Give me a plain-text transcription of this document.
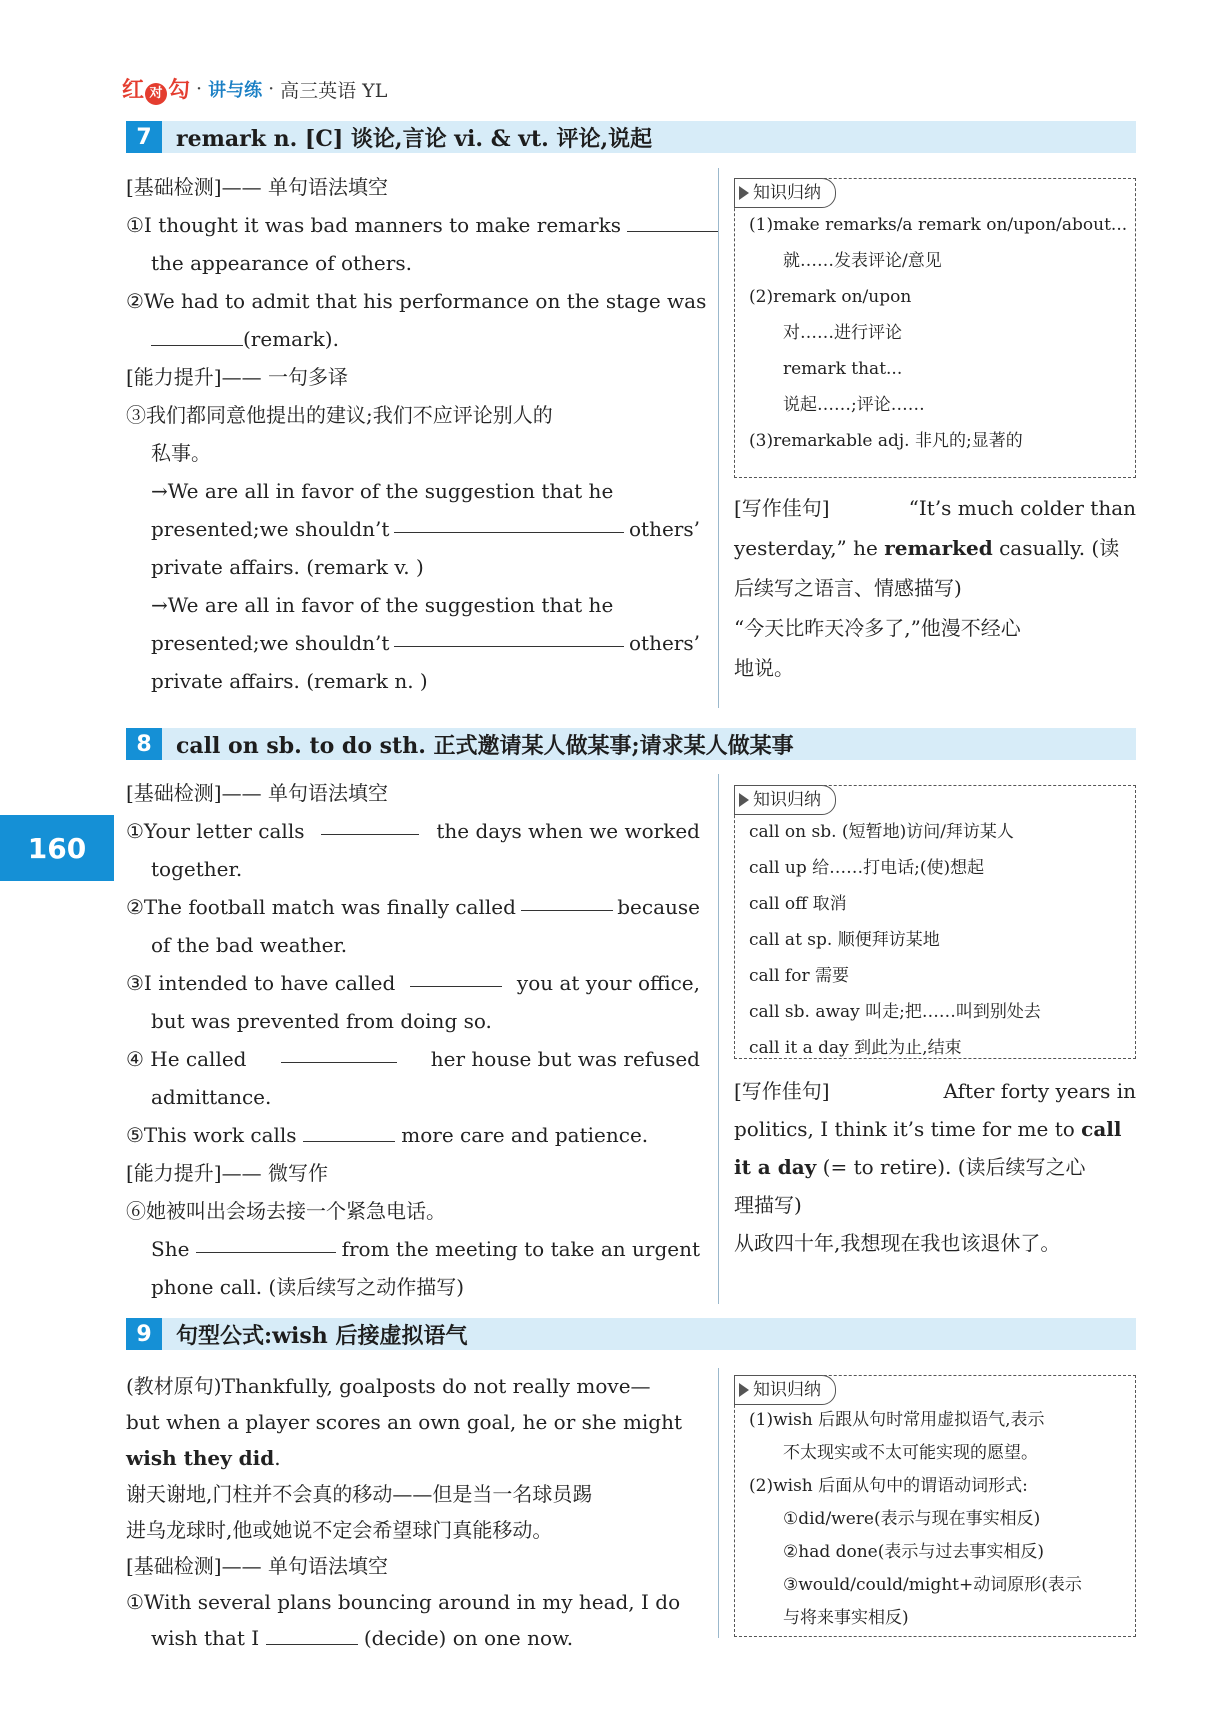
红 对 勾 · 讲与练 · 高三英语 YL
160
7	remark n. [C] 谈论,言论 vi. & vt. 评论,说起

[基础检测]—— 单句语法填空

①I thought it was bad manners to make remarks

the appearance of others.

②We had to admit that his performance on the stage was

(remark).

[能力提升]—— 一句多译

③我们都同意他提出的建议;我们不应评论别人的

私事。

→We are all in favor of the suggestion that he

presented;we shouldn’t	others’

private affairs. (remark v. )

→We are all in favor of the suggestion that he

presented;we shouldn’t	others’

private affairs. (remark n. )

知识归纳

(1)make remarks/a remark on/upon/about...

就……发表评论/意见

(2)remark on/upon

对……进行评论

remark that...

说起……;评论……

(3)remarkable adj. 非凡的;显著的

[写作佳句]	“It’s much colder than

yesterday,” he remarked casually. (读

后续写之语言、情感描写)

“今天比昨天冷多了,”他漫不经心

地说。

8	call on sb. to do sth. 正式邀请某人做某事;请求某人做某事

[基础检测]—— 单句语法填空

①Your letter calls	the days when we worked

together.

②The football match was finally called	because

of the bad weather.

③I intended to have called	you at your office,

but was prevented from doing so.

④ He called	her house but was refused

admittance.

⑤This work calls	more care and patience.

[能力提升]—— 微写作

⑥她被叫出会场去接一个紧急电话。

She	from the meeting to take an urgent

phone call. (读后续写之动作描写)

知识归纳

call on sb. (短暂地)访问/拜访某人

call up 给……打电话;(使)想起

call off 取消

call at sp. 顺便拜访某地

call for 需要

call sb. away 叫走;把……叫到别处去

call it a day 到此为止,结束

[写作佳句]	After forty years in

politics, I think it’s time for me to call

it a day (= to retire). (读后续写之心

理描写)

从政四十年,我想现在我也该退休了。

9	句型公式:wish 后接虚拟语气

(教材原句)Thankfully, goalposts do not really move—

but when a player scores an own goal, he or she might

wish they did.

谢天谢地,门柱并不会真的移动——但是当一名球员踢

进乌龙球时,他或她说不定会希望球门真能移动。

[基础检测]—— 单句语法填空

①With several plans bouncing around in my head, I do

wish that I	(decide) on one now.

知识归纳

(1)wish 后跟从句时常用虚拟语气,表示

不太现实或不太可能实现的愿望。

(2)wish 后面从句中的谓语动词形式:

①did/were(表示与现在事实相反)

②had done(表示与过去事实相反)

③would/could/might+动词原形(表示

与将来事实相反)
